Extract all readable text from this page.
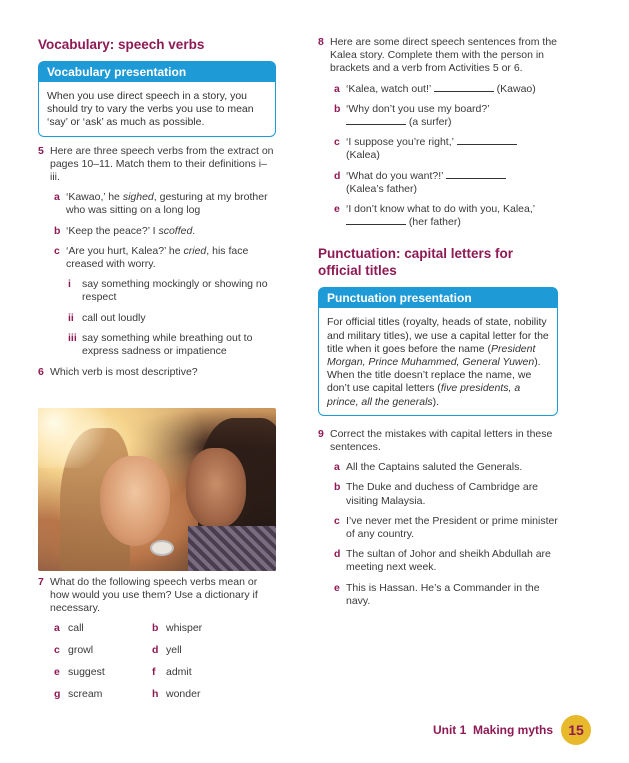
Vocabulary: speech verbs
Vocabulary presentation
When you use direct speech in a story, you should try to vary the verbs you use to mean ‘say’ or ‘ask’ as much as possible.
5 Here are three speech verbs from the extract on pages 10–11. Match them to their definitions i–iii.
a ‘Kawao,’ he sighed, gesturing at my brother who was sitting on a long log
b ‘Keep the peace?’ I scoffed.
c ‘Are you hurt, Kalea?’ he cried, his face creased with worry.
i	say something mockingly or showing no respect
ii call out loudly
iii say something while breathing out to express sadness or impatience
6 Which verb is most descriptive?
7 What do the following speech verbs mean or how would you use them? Use a dictionary if necessary.
a call	b whisper
c growl	d yell
e suggest	f	admit
g scream	h wonder
8 Here are some direct speech sentences from the Kalea story. Complete them with the person in brackets and a verb from Activities 5 or 6.
a ‘Kalea, watch out!’	(Kawao)
b ‘Why don’t you use my board?’
(a surfer)
c ‘I suppose you’re right,’
(Kalea)
d ‘What do you want?!’
(Kalea’s father)
e ‘I don’t know what to do with you, Kalea,’ (her father)
Punctuation: capital letters for official titles
Punctuation presentation
For official titles (royalty, heads of state, nobility and military titles), we use a capital letter for the title when it goes before the name (President Morgan, Prince Muhammed, General Yuwen). When the title doesn’t replace the name, we don’t use capital letters (five presidents, a prince, all the generals).
9 Correct the mistakes with capital letters in these sentences.
a All the Captains saluted the Generals.
b The Duke and duchess of Cambridge are visiting Malaysia.
c I’ve never met the President or prime minister of any country.
d The sultan of Johor and sheikh Abdullah are meeting next week.
e This is Hassan. He’s a Commander in the navy.
Unit 1 Making myths	15
